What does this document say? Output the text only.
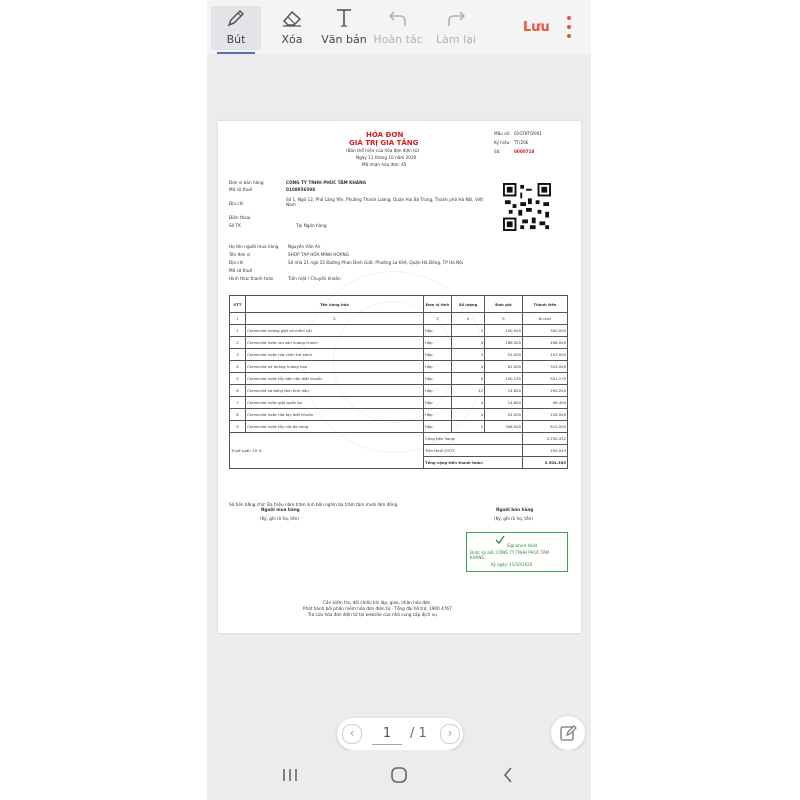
Bút	Xóa Văn bản Hoàn tác Làm lại
Lưu
HÓA ĐƠN
GIÁ TRỊ GIA TĂNG
(Bản thể hiện của hóa đơn điện tử)
Ngày 11 tháng 10 năm 2020
Mã nhận hóa đơn: 45
Mẫu số: 01GTKT0/001
Ký hiệu: TT/20E
Số:	0000718
Đơn vị bán hàng	CÔNG TY TNHH PHÚC TÂM KHANG
Mã số thuế	0108956598
Địa chỉ
Số 1, Ngõ 12, Phố Lãng Yên, Phường Thanh Lương, Quận Hai Bà Trưng, Thành phố Hà Nội, Việt Nam
Điện thoại
Số TK	Tại Ngân hàng
Họ tên người mua hàng Nguyễn Văn An
Tên đơn vị	SHOP TẠP HÓA MINH HOÀNG
Địa chỉ	Số nhà 21 ngõ 15 Đường Phan Đình Giót, Phường La Khê, Quận Hà Đông, TP Hà Nội
Mã số thuế
Hình thức thanh toán	Tiền mặt / Chuyển khoản
STT	Tên hàng hóa	Đơn vị tính	Số lượng	Đơn giá	Thành tiền
1	2	3	4	5	6=4x5
1	Cerenmild hương giặt xả mềm vải	Hộp	3	100.000	300.000
2	Cerenmild nước lau sàn hương chanh	Hộp	3	166.000	498.000
3	Cerenmild nước rửa chén trà xanh	Hộp	3	51.000	153.000
4	Cerenmild xịt phòng hương hoa	Hộp	4	81.000	324.000
5	Cerenmild nước tẩy bồn cầu diệt khuẩn	Hộp	5	100.235	501.175
6	Cerenmild xà bông tắm tinh dầu	Hộp	12	24.600	295.200
7	Cerenmild nước giặt quần áo	Hộp	4	24.600	98.400
8	Cerenmild nước rửa tay diệt khuẩn	Hộp	4	54.000	216.000
9	Cerenmild nước tẩy rửa đa năng	Hộp	2	306.000	612.000
Thuế suất: 10 %		Cộng tiền hàng:			3.250.432
		Tiền thuế GTGT:			254.043
		Tổng cộng tiền thanh toán:			3.504.385
Số tiền bằng chữ: Ba triệu năm trăm linh bốn nghìn ba trăm tám mươi lăm đồng
Người mua hàng
(Ký, ghi rõ họ, tên)
Người bán hàng
(Ký, ghi rõ họ, tên)
Signature Valid
Được ký bởi: CÔNG TY TNHH PHÚC TÂM KHANG
Ký ngày: 11/10/2020
Cần kiểm tra, đối chiếu khi lập, giao, nhận hóa đơn
Phát hành bởi phần mềm hóa đơn điện tử - Tổng đài hỗ trợ: 1900 4767
Tra cứu hóa đơn điện tử tại website của nhà cung cấp dịch vụ
‹	1	/ 1	›
